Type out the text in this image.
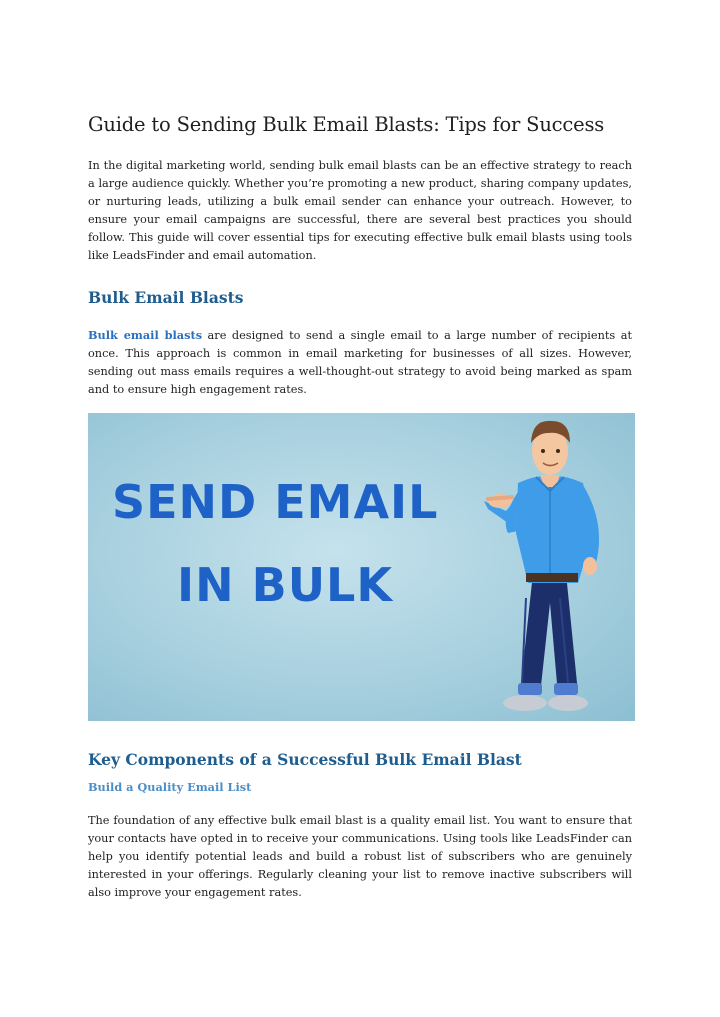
Guide to Sending Bulk Email Blasts: Tips for Success

In the digital marketing world, sending bulk email blasts can be an effective strategy to reach a large audience quickly. Whether you’re promoting a new product, sharing company updates, or nurturing leads, utilizing a bulk email sender can enhance your outreach. However, to ensure your email campaigns are successful, there are several best practices you should follow. This guide will cover essential tips for executing effective bulk email blasts using tools like LeadsFinder and email automation.

Bulk Email Blasts

Bulk email blasts are designed to send a single email to a large number of recipients at once. This approach is common in email marketing for businesses of all sizes. However, sending out mass emails requires a well-thought-out strategy to avoid being marked as spam and to ensure high engagement rates.

SEND EMAIL
IN BULK
Key Components of a Successful Bulk Email Blast
Build a Quality Email List

The foundation of any effective bulk email blast is a quality email list. You want to ensure that your contacts have opted in to receive your communications. Using tools like LeadsFinder can help you identify potential leads and build a robust list of subscribers who are genuinely interested in your offerings. Regularly cleaning your list to remove inactive subscribers will also improve your engagement rates.
